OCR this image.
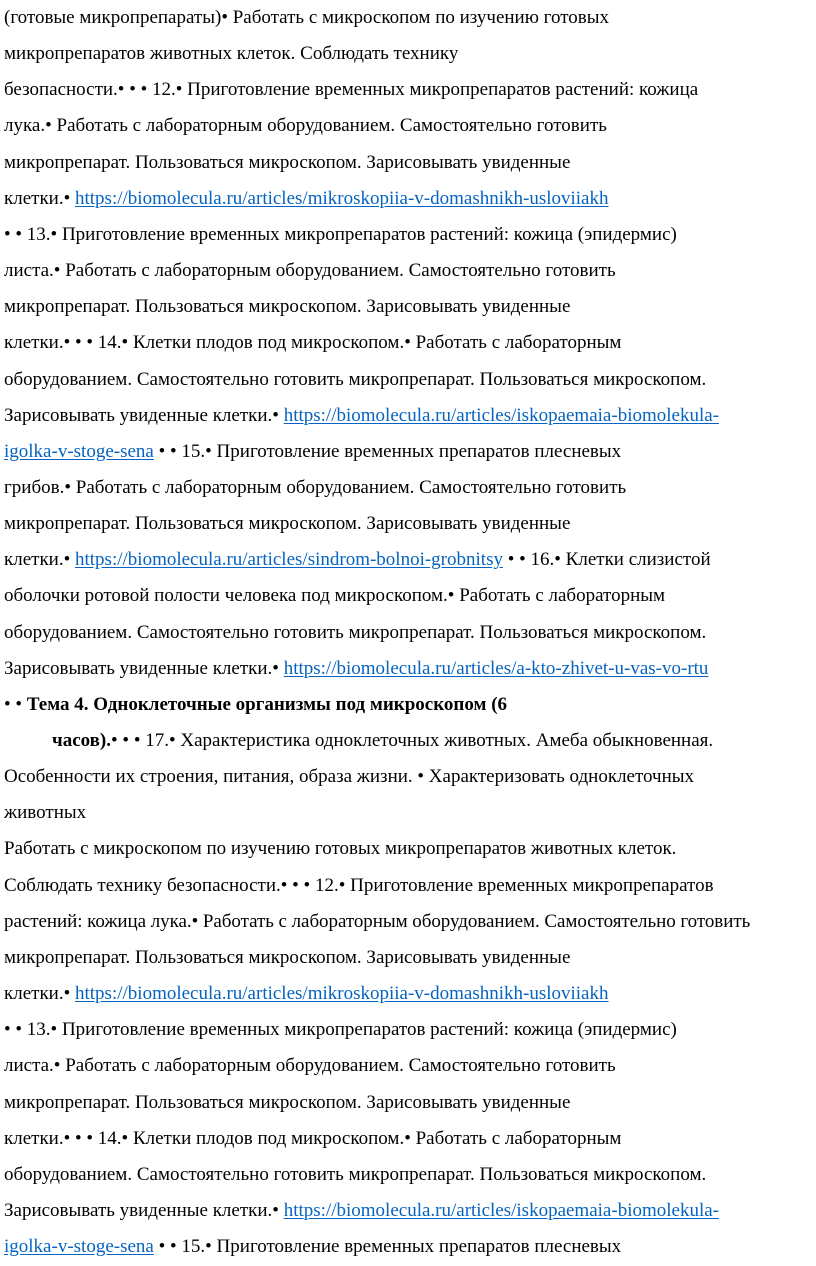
(готовые микропрепараты)• Работать с микроскопом по изучению готовых
микропрепаратов животных клеток. Соблюдать технику
безопасности.• • • 12.• Приготовление временных микропрепаратов растений: кожица
лука.• Работать с лабораторным оборудованием. Самостоятельно готовить
микропрепарат. Пользоваться микроскопом. Зарисовывать увиденные
клетки.• https://biomolecula.ru/articles/mikroskopiia-v-domashnikh-usloviiakh
• • 13.• Приготовление временных микропрепаратов растений: кожица (эпидермис)
листа.• Работать с лабораторным оборудованием. Самостоятельно готовить
микропрепарат. Пользоваться микроскопом. Зарисовывать увиденные
клетки.• • • 14.• Клетки плодов под микроскопом.• Работать с лабораторным
оборудованием. Самостоятельно готовить микропрепарат. Пользоваться микроскопом.
Зарисовывать увиденные клетки.• https://biomolecula.ru/articles/iskopaemaia-biomolekula-
igolka-v-stoge-sena • • 15.• Приготовление временных препаратов плесневых
грибов.• Работать с лабораторным оборудованием. Самостоятельно готовить
микропрепарат. Пользоваться микроскопом. Зарисовывать увиденные
клетки.• https://biomolecula.ru/articles/sindrom-bolnoi-grobnitsy • • 16.• Клетки слизистой
оболочки ротовой полости человека под микроскопом.• Работать с лабораторным
оборудованием. Самостоятельно готовить микропрепарат. Пользоваться микроскопом.
Зарисовывать увиденные клетки.• https://biomolecula.ru/articles/a-kto-zhivet-u-vas-vo-rtu
• • Тема 4. Одноклеточные организмы под микроскопом (6
часов).• • • 17.• Характеристика одноклеточных животных. Амеба обыкновенная.
Особенности их строения, питания, образа жизни. • Характеризовать одноклеточных
животных
Работать с микроскопом по изучению готовых микропрепаратов животных клеток.
Соблюдать технику безопасности.• • • 12.• Приготовление временных микропрепаратов
растений: кожица лука.• Работать с лабораторным оборудованием. Самостоятельно готовить
микропрепарат. Пользоваться микроскопом. Зарисовывать увиденные
клетки.• https://biomolecula.ru/articles/mikroskopiia-v-domashnikh-usloviiakh
• • 13.• Приготовление временных микропрепаратов растений: кожица (эпидермис)
листа.• Работать с лабораторным оборудованием. Самостоятельно готовить
микропрепарат. Пользоваться микроскопом. Зарисовывать увиденные
клетки.• • • 14.• Клетки плодов под микроскопом.• Работать с лабораторным
оборудованием. Самостоятельно готовить микропрепарат. Пользоваться микроскопом.
Зарисовывать увиденные клетки.• https://biomolecula.ru/articles/iskopaemaia-biomolekula-
igolka-v-stoge-sena • • 15.• Приготовление временных препаратов плесневых
